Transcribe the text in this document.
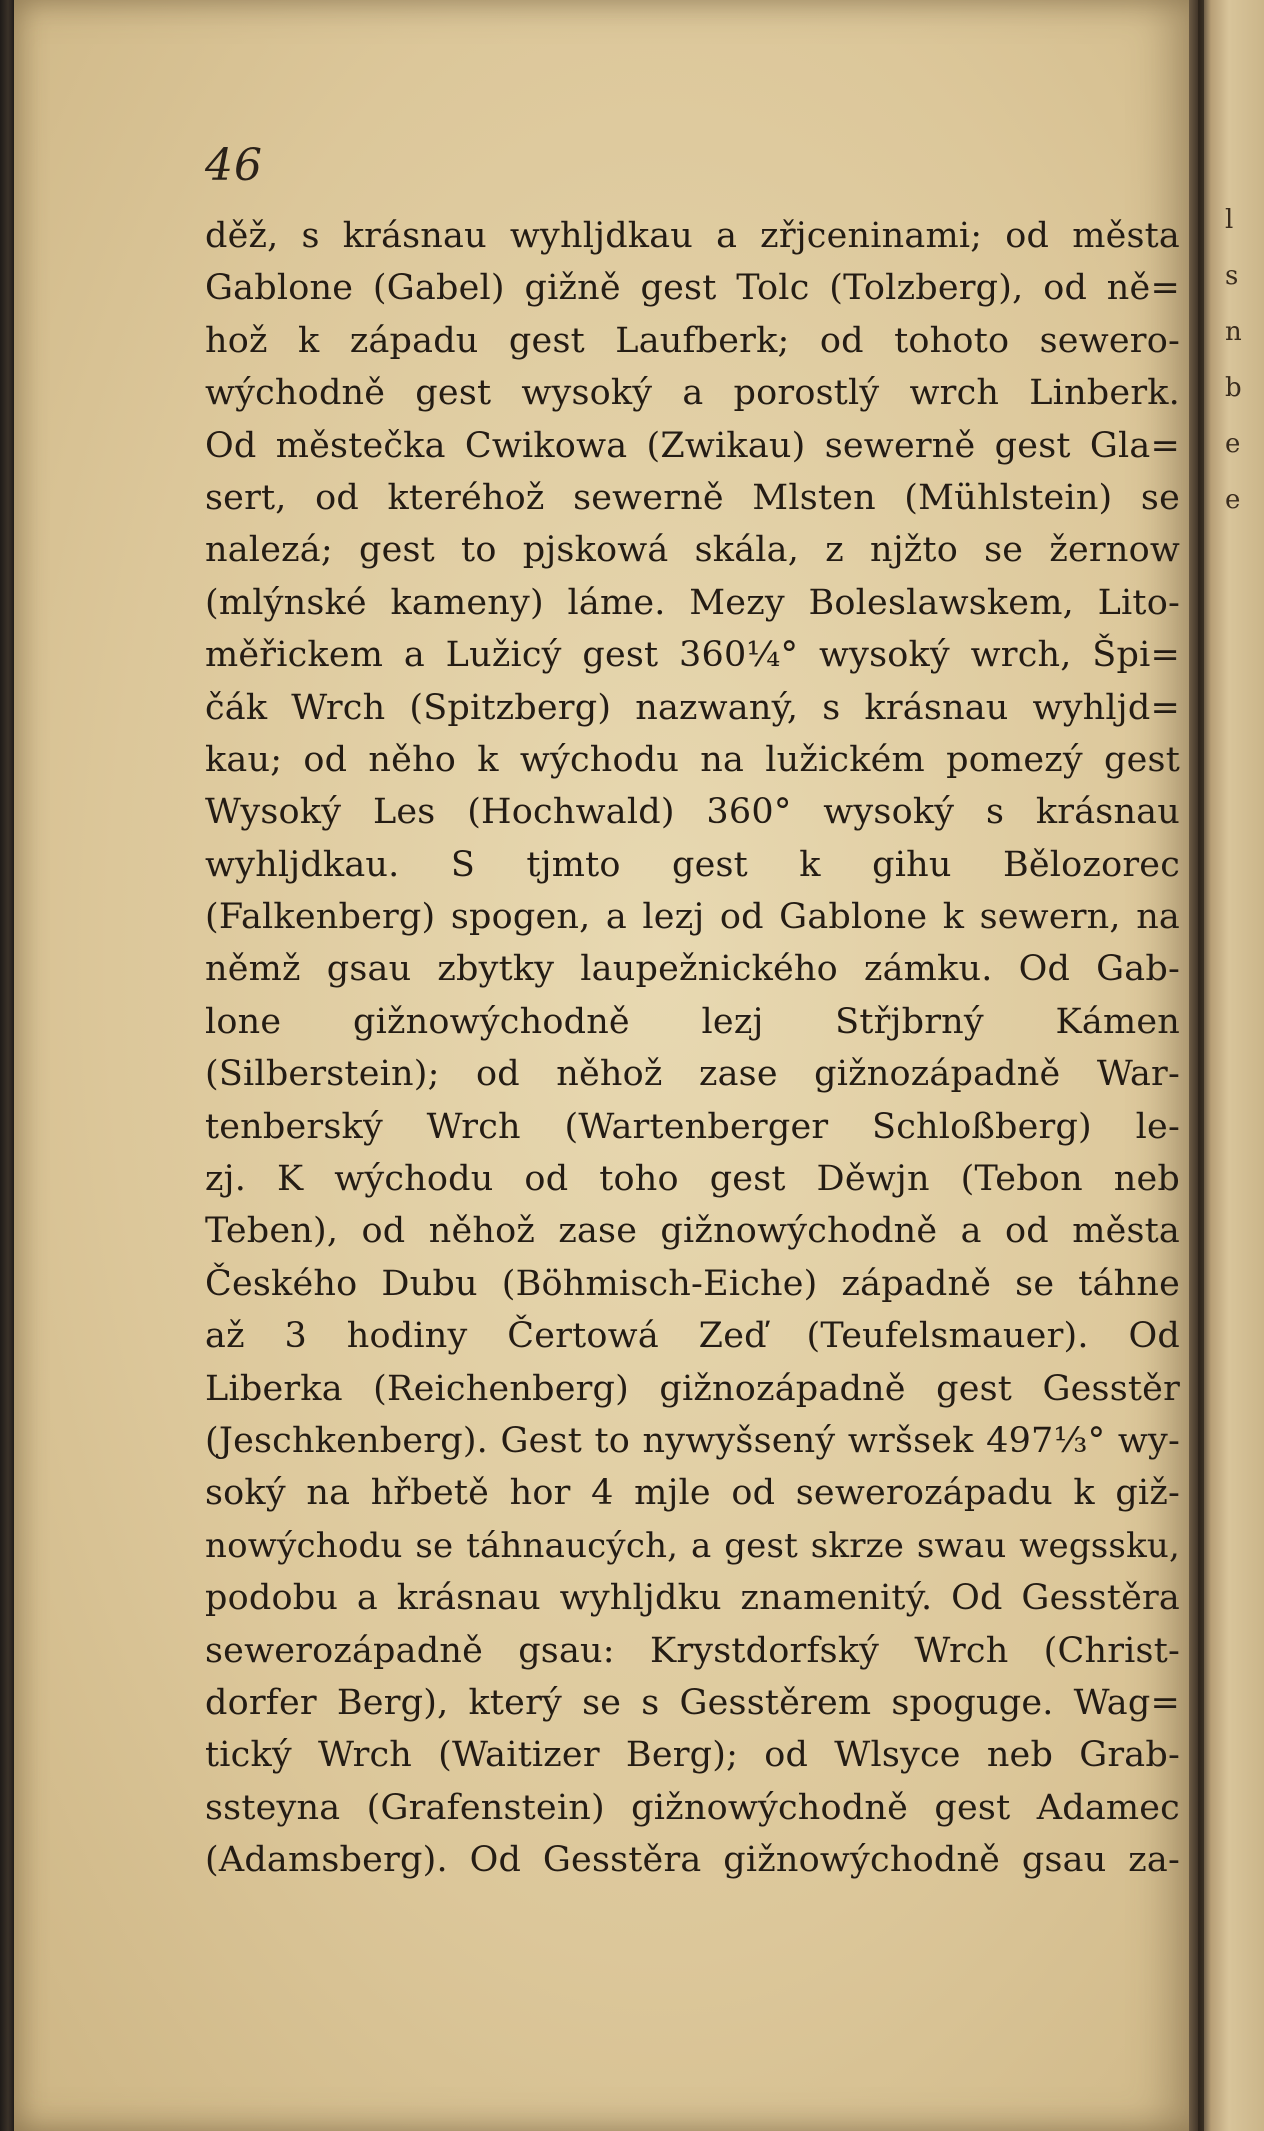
46
děž, s krásnau wyhljdkau a zřjceninami; od města
Gablone (Gabel) gižně gest Tolc (Tolzberg), od ně=
hož k západu gest Laufberk; od tohoto sewero-
wýchodně gest wysoký a porostlý wrch Linberk.
Od městečka Cwikowa (Zwikau) sewerně gest Gla=
sert, od kteréhož sewerně Mlsten (Mühlstein) se
nalezá; gest to pjskowá skála, z njžto se žernow
(mlýnské kameny) láme. Mezy Boleslawskem, Lito-
měřickem a Lužicý gest 360¼° wysoký wrch, Špi=
čák Wrch (Spitzberg) nazwaný, s krásnau wyhljd=
kau; od něho k wýchodu na lužickém pomezý gest
Wysoký Les (Hochwald) 360° wysoký s krásnau
wyhljdkau. S tjmto gest k gihu Bělozorec
(Falkenberg) spogen, a lezj od Gablone k sewern, na
němž gsau zbytky laupežnického zámku. Od Gab-
lone gižnowýchodně lezj Střjbrný Kámen
(Silberstein); od něhož zase gižnozápadně War-
tenberský Wrch (Wartenberger Schloßberg) le-
zj. K wýchodu od toho gest Děwjn (Tebon neb
Teben), od něhož zase gižnowýchodně a od města
Českého Dubu (Böhmisch-Eiche) západně se táhne
až 3 hodiny Čertowá Zeď (Teufelsmauer). Od
Liberka (Reichenberg) gižnozápadně gest Gesstěr
(Jeschkenberg). Gest to nywyšsený wršsek 497⅓° wy-
soký na hřbetě hor 4 mjle od sewerozápadu k giž-
nowýchodu se táhnaucých, a gest skrze swau wegssku,
podobu a krásnau wyhljdku znamenitý. Od Gesstěra
sewerozápadně gsau: Krystdorfský Wrch (Christ-
dorfer Berg), který se s Gesstěrem spoguge. Wag=
tický Wrch (Waitizer Berg); od Wlsyce neb Grab-
ssteyna (Grafenstein) gižnowýchodně gest Adamec
(Adamsberg). Od Gesstěra gižnowýchodně gsau za-
l
s
n
b
e
e
